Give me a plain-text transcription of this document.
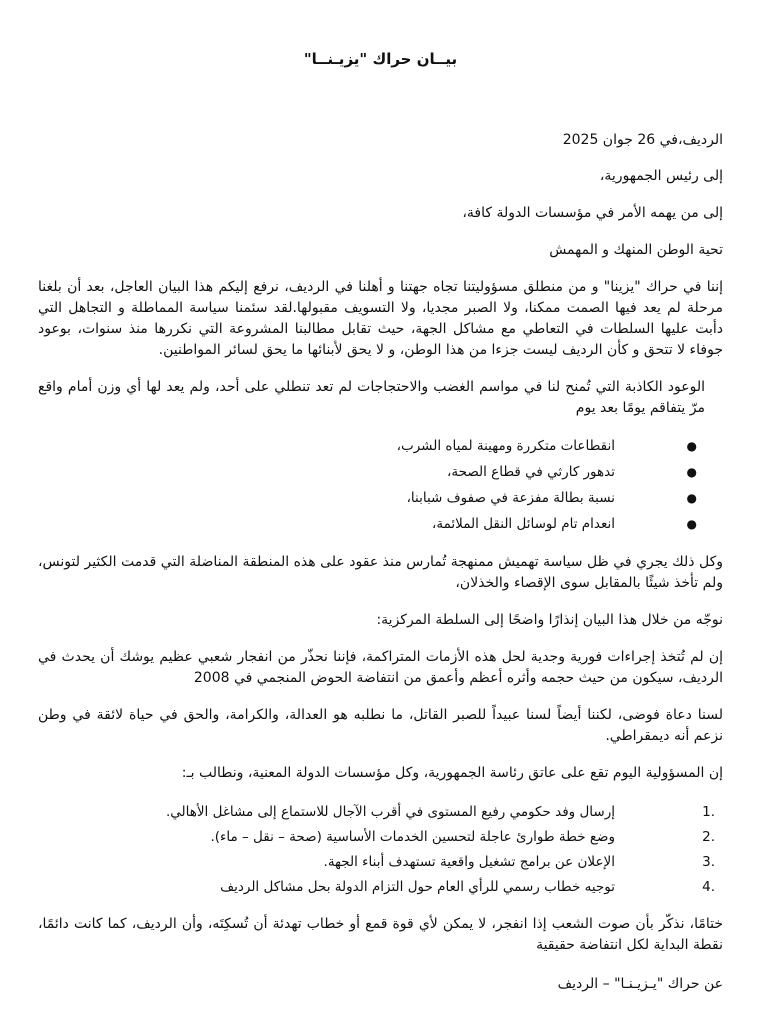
بيــان حراك "يزيـنــا"
الرديف،في 26 جوان 2025
إلى رئيس الجمهورية،
إلى من يهمه الأمر في مؤسسات الدولة كافة،
تحية الوطن المنهك و المهمش

إننا في حراك "يزينا" و من منطلق مسؤوليتنا تجاه جهتنا و أهلنا في الرديف، نرفع إليكم هذا البيان العاجل، بعد أن بلغنا مرحلة لم يعد فيها الصمت ممكنا، ولا الصبر مجديا، ولا التسويف مقبولها.لقد سئمنا سياسة المماطلة و التجاهل التي دأبت عليها السلطات في التعاطي مع مشاكل الجهة، حيث تقابل مطالبنا المشروعة التي نكررها منذ سنوات، بوعود جوفاء لا تتحق و كأن الرديف ليست جزءا من هذا الوطن، و لا يحق لأبنائها ما يحق لسائر المواطنين.

الوعود الكاذبة التي تُمنح لنا في مواسم الغضب والاحتجاجات لم تعد تنطلي على أحد، ولم يعد لها أي وزن أمام واقع مرّ يتفاقم يومًا بعد يوم

●
انقطاعات متكررة ومهينة لمياه الشرب،
●
تدهور كارثي في قطاع الصحة،
●
نسبة بطالة مفزعة في صفوف شبابنا،
●
انعدام تام لوسائل النقل الملائمة،

وكل ذلك يجري في ظل سياسة تهميش ممنهجة تُمارس منذ عقود على هذه المنطقة المناضلة التي قدمت الكثير لتونس، ولم تأخذ شيئًا بالمقابل سوى الإقصاء والخذلان،

نوجّه من خلال هذا البيان إنذارًا واضحًا إلى السلطة المركزية:

إن لم تُتخذ إجراءات فورية وجدية لحل هذه الأزمات المتراكمة، فإننا نحذّر من انفجار شعبي عظيم يوشك أن يحدث في الرديف، سيكون من حيث حجمه وأثره أعظم وأعمق من انتفاضة الحوض المنجمي في 2008

لسنا دعاة فوضى، لكننا أيضاً لسنا عبيداً للصبر القاتل، ما نطلبه هو العدالة، والكرامة، والحق في حياة لائقة في وطن نزعم أنه ديمقراطي.

إن المسؤولية اليوم تقع على عاتق رئاسة الجمهورية، وكل مؤسسات الدولة المعنية، ونطالب بـ:

1.
إرسال وفد حكومي رفيع المستوى في أقرب الآجال للاستماع إلى مشاغل الأهالي.
2.
وضع خطة طوارئ عاجلة لتحسين الخدمات الأساسية (صحة – نقل – ماء).
3.
الإعلان عن برامج تشغيل واقعية تستهدف أبناء الجهة.
4.
توجيه خطاب رسمي للرأي العام حول التزام الدولة بحل مشاكل الرديف

ختامًا، نذكّر بأن صوت الشعب إذا انفجر، لا يمكن لأي قوة قمع أو خطاب تهدئة أن تُسكِتَه، وأن الرديف، كما كانت دائمًا، نقطة البداية لكل انتفاضة حقيقية

عن حراك "يـزيـنـا" – الرديف
